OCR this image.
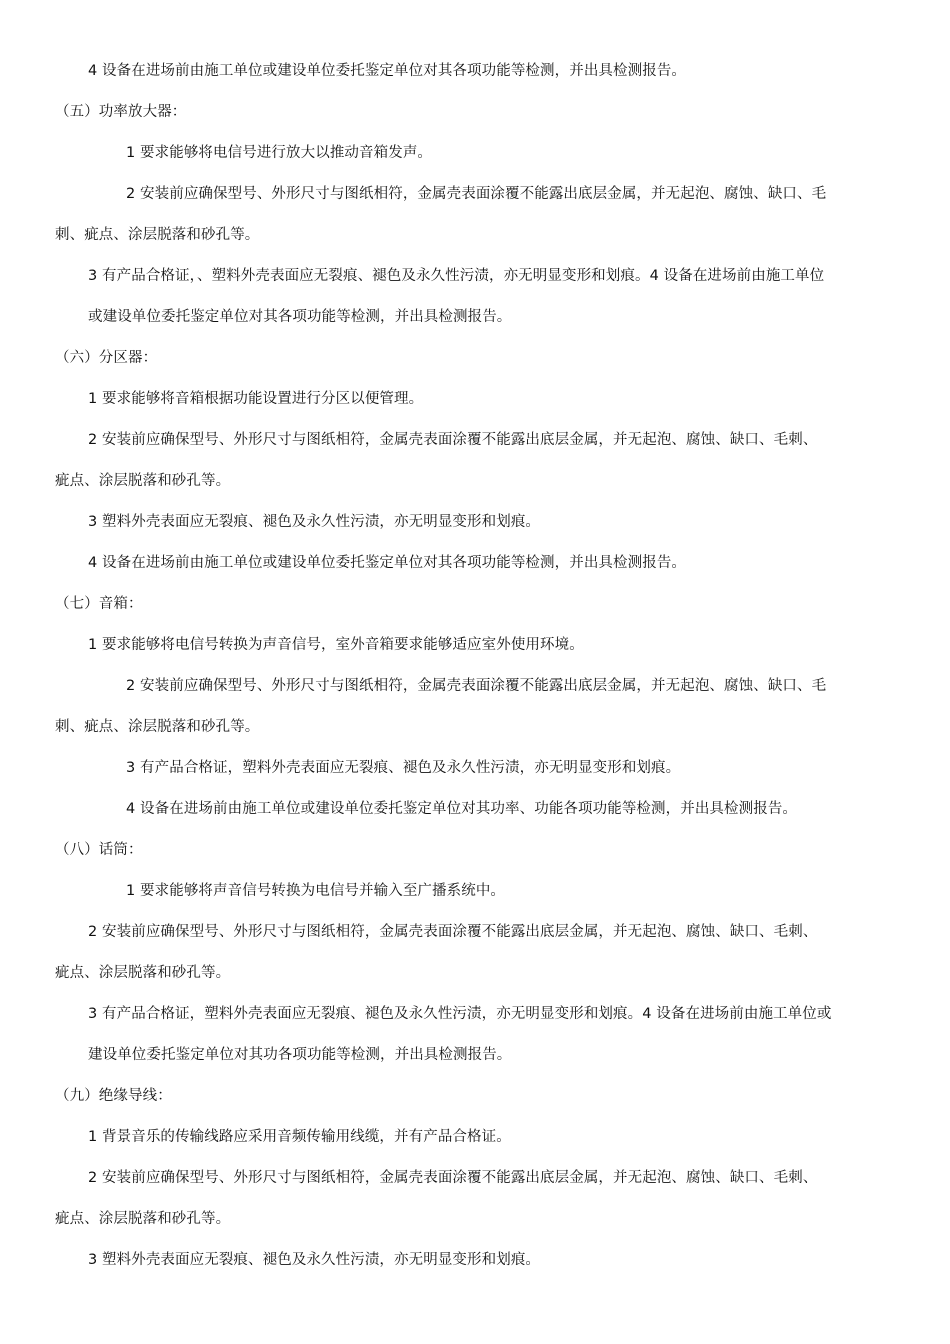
4 设备在进场前由施工单位或建设单位委托鉴定单位对其各项功能等检测，并出具检测报告。
（五）功率放大器：
1 要求能够将电信号进行放大以推动音箱发声。
2 安装前应确保型号、外形尺寸与图纸相符，金属壳表面涂覆不能露出底层金属，并无起泡、腐蚀、缺口、毛
刺、疵点、涂层脱落和砂孔等。
3 有产品合格证，、塑料外壳表面应无裂痕、褪色及永久性污渍，亦无明显变形和划痕。4 设备在进场前由施工单位
或建设单位委托鉴定单位对其各项功能等检测，并出具检测报告。
（六）分区器：
1 要求能够将音箱根据功能设置进行分区以便管理。
2 安装前应确保型号、外形尺寸与图纸相符，金属壳表面涂覆不能露出底层金属，并无起泡、腐蚀、缺口、毛刺、
疵点、涂层脱落和砂孔等。
3 塑料外壳表面应无裂痕、褪色及永久性污渍，亦无明显变形和划痕。
4 设备在进场前由施工单位或建设单位委托鉴定单位对其各项功能等检测，并出具检测报告。
（七）音箱：
1 要求能够将电信号转换为声音信号，室外音箱要求能够适应室外使用环境。
2 安装前应确保型号、外形尺寸与图纸相符，金属壳表面涂覆不能露出底层金属，并无起泡、腐蚀、缺口、毛
刺、疵点、涂层脱落和砂孔等。
3 有产品合格证，塑料外壳表面应无裂痕、褪色及永久性污渍，亦无明显变形和划痕。
4 设备在进场前由施工单位或建设单位委托鉴定单位对其功率、功能各项功能等检测，并出具检测报告。
（八）话筒：
1 要求能够将声音信号转换为电信号并输入至广播系统中。
2 安装前应确保型号、外形尺寸与图纸相符，金属壳表面涂覆不能露出底层金属，并无起泡、腐蚀、缺口、毛刺、
疵点、涂层脱落和砂孔等。
3 有产品合格证，塑料外壳表面应无裂痕、褪色及永久性污渍，亦无明显变形和划痕。4 设备在进场前由施工单位或
建设单位委托鉴定单位对其功各项功能等检测，并出具检测报告。
（九）绝缘导线：
1 背景音乐的传输线路应采用音频传输用线缆，并有产品合格证。
2 安装前应确保型号、外形尺寸与图纸相符，金属壳表面涂覆不能露出底层金属，并无起泡、腐蚀、缺口、毛刺、
疵点、涂层脱落和砂孔等。
3 塑料外壳表面应无裂痕、褪色及永久性污渍，亦无明显变形和划痕。
